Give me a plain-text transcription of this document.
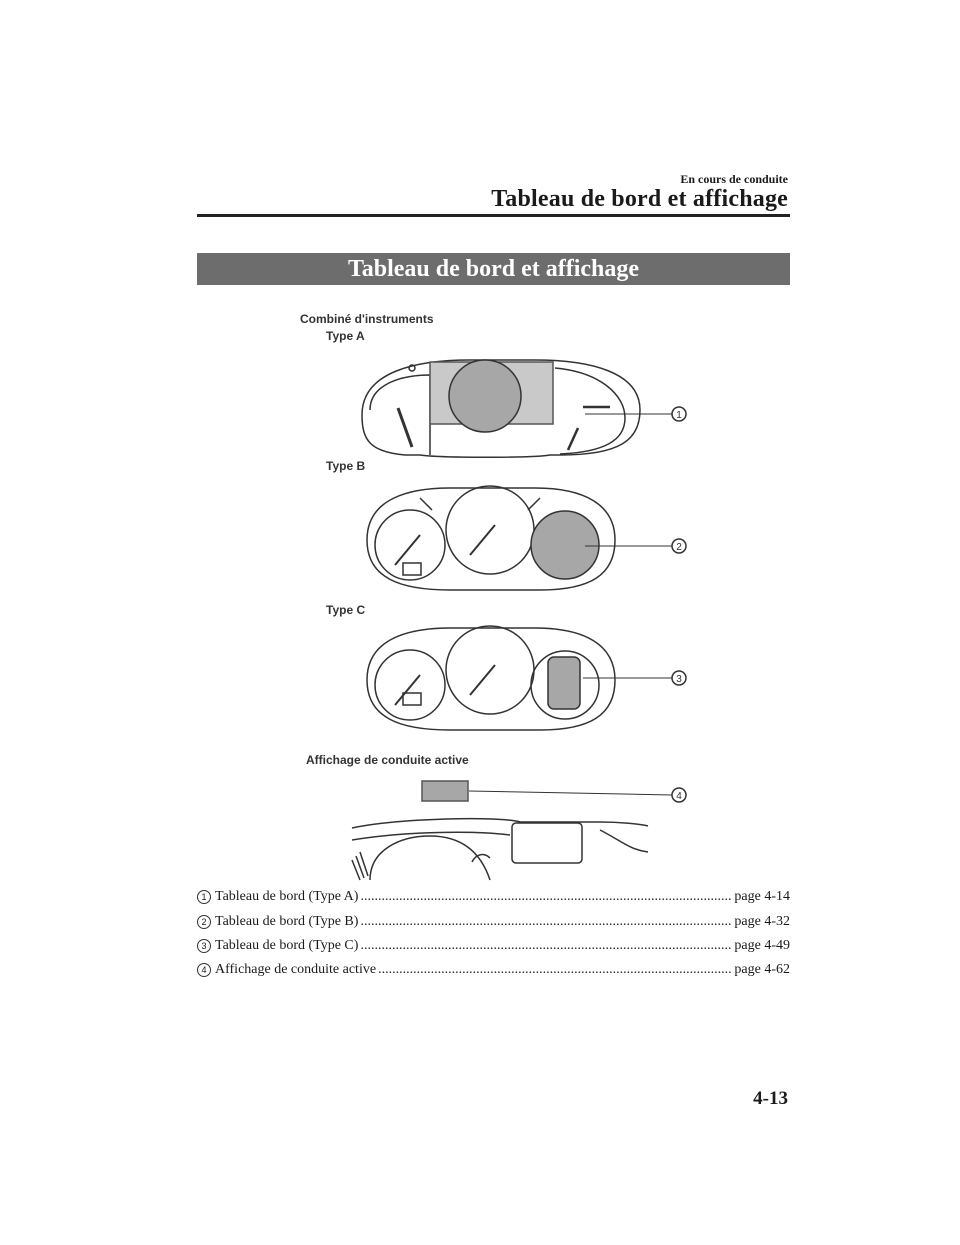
En cours de conduite
Tableau de bord et affichage
Tableau de bord et affichage
Combiné d'instruments
Type A
Type B
Type C
Affichage de conduite active
1
2
3
4
1 Tableau de bord (Type A) .....	page 4-14
2 Tableau de bord (Type B) .....	page 4-32
3 Tableau de bord (Type C) .....	page 4-49
4 Affichage de conduite active .....	page 4-62
4-13
